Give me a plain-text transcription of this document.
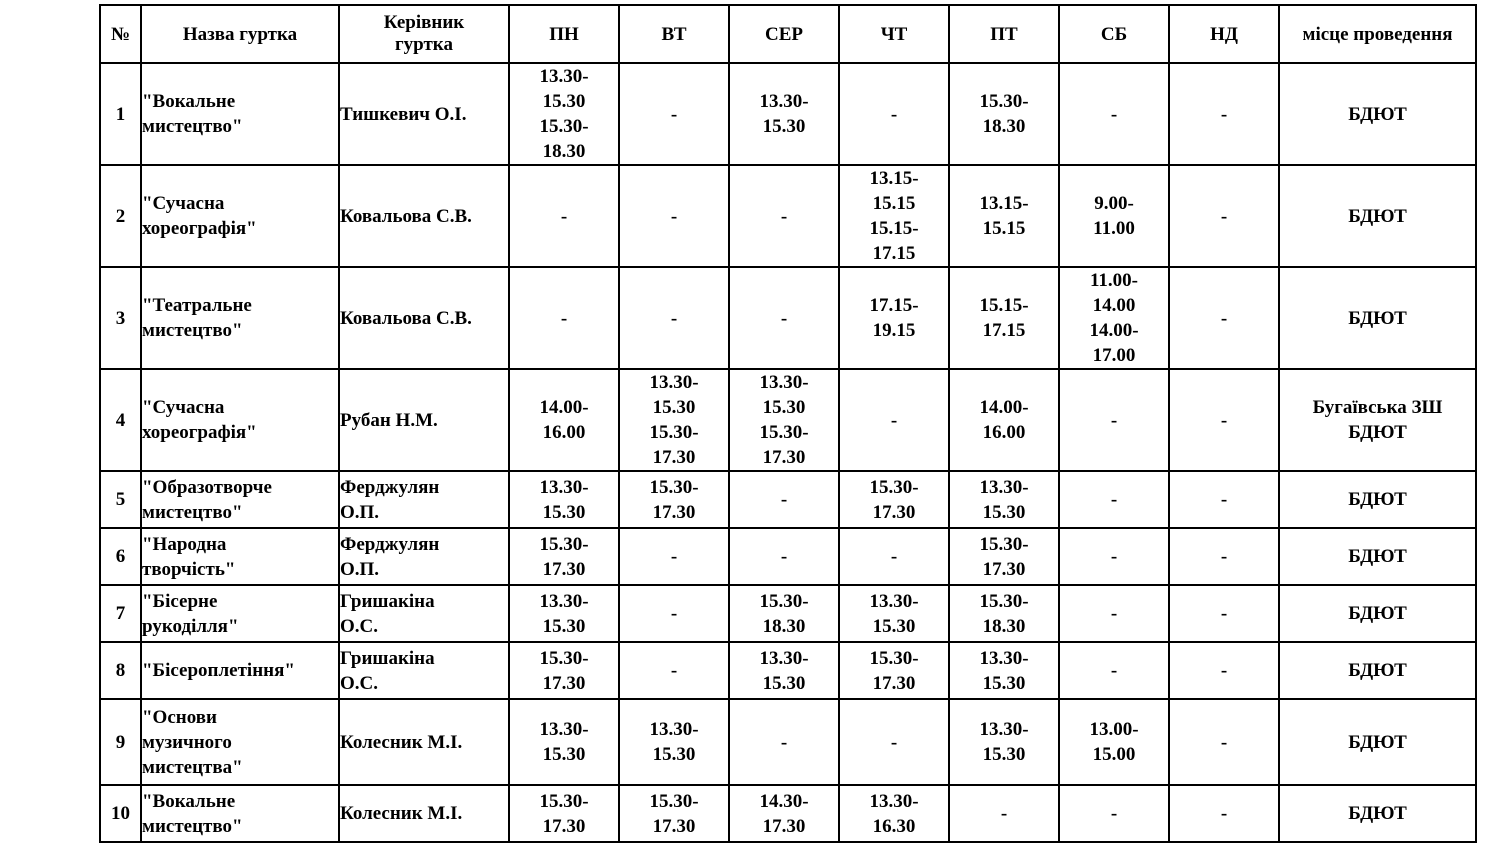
№	Назва гуртка	Керівник
гуртка	ПН	ВТ	СЕР	ЧТ	ПТ	СБ	НД	місце проведення
1	"Вокальне
мистецтво"	Тишкевич О.І.	13.30-
15.30
15.30-
18.30	-	13.30-
15.30	-	15.30-
18.30	-	-	БДЮТ
2	"Сучасна
хореографія"	Ковальова С.В.	-	-	-	13.15-
15.15
15.15-
17.15	13.15-
15.15	9.00-
11.00	-	БДЮТ
3	"Театральне
мистецтво"	Ковальова С.В.	-	-	-	17.15-
19.15	15.15-
17.15	11.00-
14.00
14.00-
17.00	-	БДЮТ
4	"Сучасна
хореографія"	Рубан Н.М.	14.00-
16.00	13.30-
15.30
15.30-
17.30	13.30-
15.30
15.30-
17.30	-	14.00-
16.00	-	-	Бугаївська ЗШ
БДЮТ
5	"Образотворче
мистецтво"	Ферджулян
О.П.	13.30-
15.30	15.30-
17.30	-	15.30-
17.30	13.30-
15.30	-	-	БДЮТ
6	"Народна
творчість"	Ферджулян
О.П.	15.30-
17.30	-	-	-	15.30-
17.30	-	-	БДЮТ
7	"Бісерне
рукоділля"	Гришакіна
О.С.	13.30-
15.30	-	15.30-
18.30	13.30-
15.30	15.30-
18.30	-	-	БДЮТ
8	"Бісероплетіння"	Гришакіна
О.С.	15.30-
17.30	-	13.30-
15.30	15.30-
17.30	13.30-
15.30	-	-	БДЮТ
9	"Основи
музичного
мистецтва"	Колесник М.І.	13.30-
15.30	13.30-
15.30	-	-	13.30-
15.30	13.00-
15.00	-	БДЮТ
10	"Вокальне
мистецтво"	Колесник М.І.	15.30-
17.30	15.30-
17.30	14.30-
17.30	13.30-
16.30	-	-	-	БДЮТ
